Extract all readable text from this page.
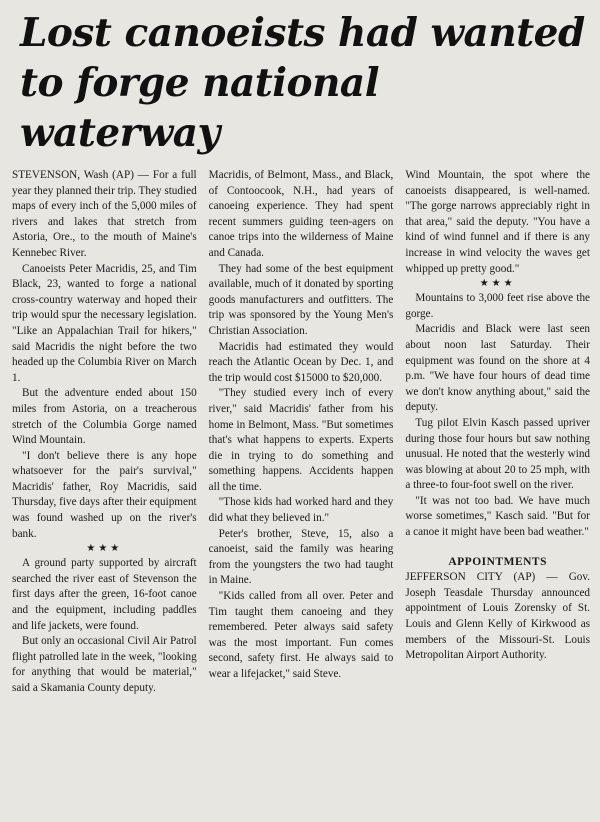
Lost canoeists had wanted
to forge national waterway

STEVENSON, Wash (AP) — For a full year they planned their trip. They studied maps of every inch of the 5,000 miles of rivers and lakes that stretch from Astoria, Ore., to the mouth of Maine's Kennebec River.

Canoeists Peter Macridis, 25, and Tim Black, 23, wanted to forge a national cross-country waterway and hoped their trip would spur the necessary legislation. "Like an Appalachian Trail for hikers," said Macridis the night before the two headed up the Columbia River on March 1.

But the adventure ended about 150 miles from Astoria, on a treacherous stretch of the Columbia Gorge named Wind Mountain.

"I don't believe there is any hope whatsoever for the pair's survival," Macridis' father, Roy Macridis, said Thursday, five days after their equipment was found washed up on the river's bank.

★★★

A ground party supported by aircraft searched the river east of Stevenson the first days after the green, 16-foot canoe and the equipment, including paddles and life jackets, were found.

But only an occasional Civil Air Patrol flight patrolled late in the week, "looking for anything that would be material," said a Skamania County deputy.

Macridis, of Belmont, Mass., and Black, of Contoocook, N.H., had years of canoeing experience. They had spent recent summers guiding teen-agers on canoe trips into the wilderness of Maine and Canada.

They had some of the best equipment available, much of it donated by sporting goods manufacturers and outfitters. The trip was sponsored by the Young Men's Christian Association.

Macridis had estimated they would reach the Atlantic Ocean by Dec. 1, and the trip would cost $15000 to $20,000.

"They studied every inch of every river," said Macridis' father from his home in Belmont, Mass. "But sometimes that's what happens to experts. Experts die in trying to do something and something happens. Accidents happen all the time.

"Those kids had worked hard and they did what they believed in."

Peter's brother, Steve, 15, also a canoeist, said the family was hearing from the youngsters the two had taught in Maine.

"Kids called from all over. Peter and Tim taught them canoeing and they remembered. Peter always said safety was the most important. Fun comes second, safety first. He always said to wear a lifejacket," said Steve.

Wind Mountain, the spot where the canoeists disappeared, is well-named. "The gorge narrows appreciably right in that area," said the deputy. "You have a kind of wind funnel and if there is any increase in wind velocity the waves get whipped up pretty good."

★★★

Mountains to 3,000 feet rise above the gorge.

Macridis and Black were last seen about noon last Saturday. Their equipment was found on the shore at 4 p.m. "We have four hours of dead time we don't know anything about," said the deputy.

Tug pilot Elvin Kasch passed upriver during those four hours but saw nothing unusual. He noted that the westerly wind was blowing at about 20 to 25 mph, with a three-to four-foot swell on the river.

"It was not too bad. We have much worse sometimes," Kasch said. "But for a canoe it might have been bad weather."

APPOINTMENTS

JEFFERSON CITY (AP) — Gov. Joseph Teasdale Thursday announced appointment of Louis Zorensky of St. Louis and Glenn Kelly of Kirkwood as members of the Missouri-St. Louis Metropolitan Airport Authority.
